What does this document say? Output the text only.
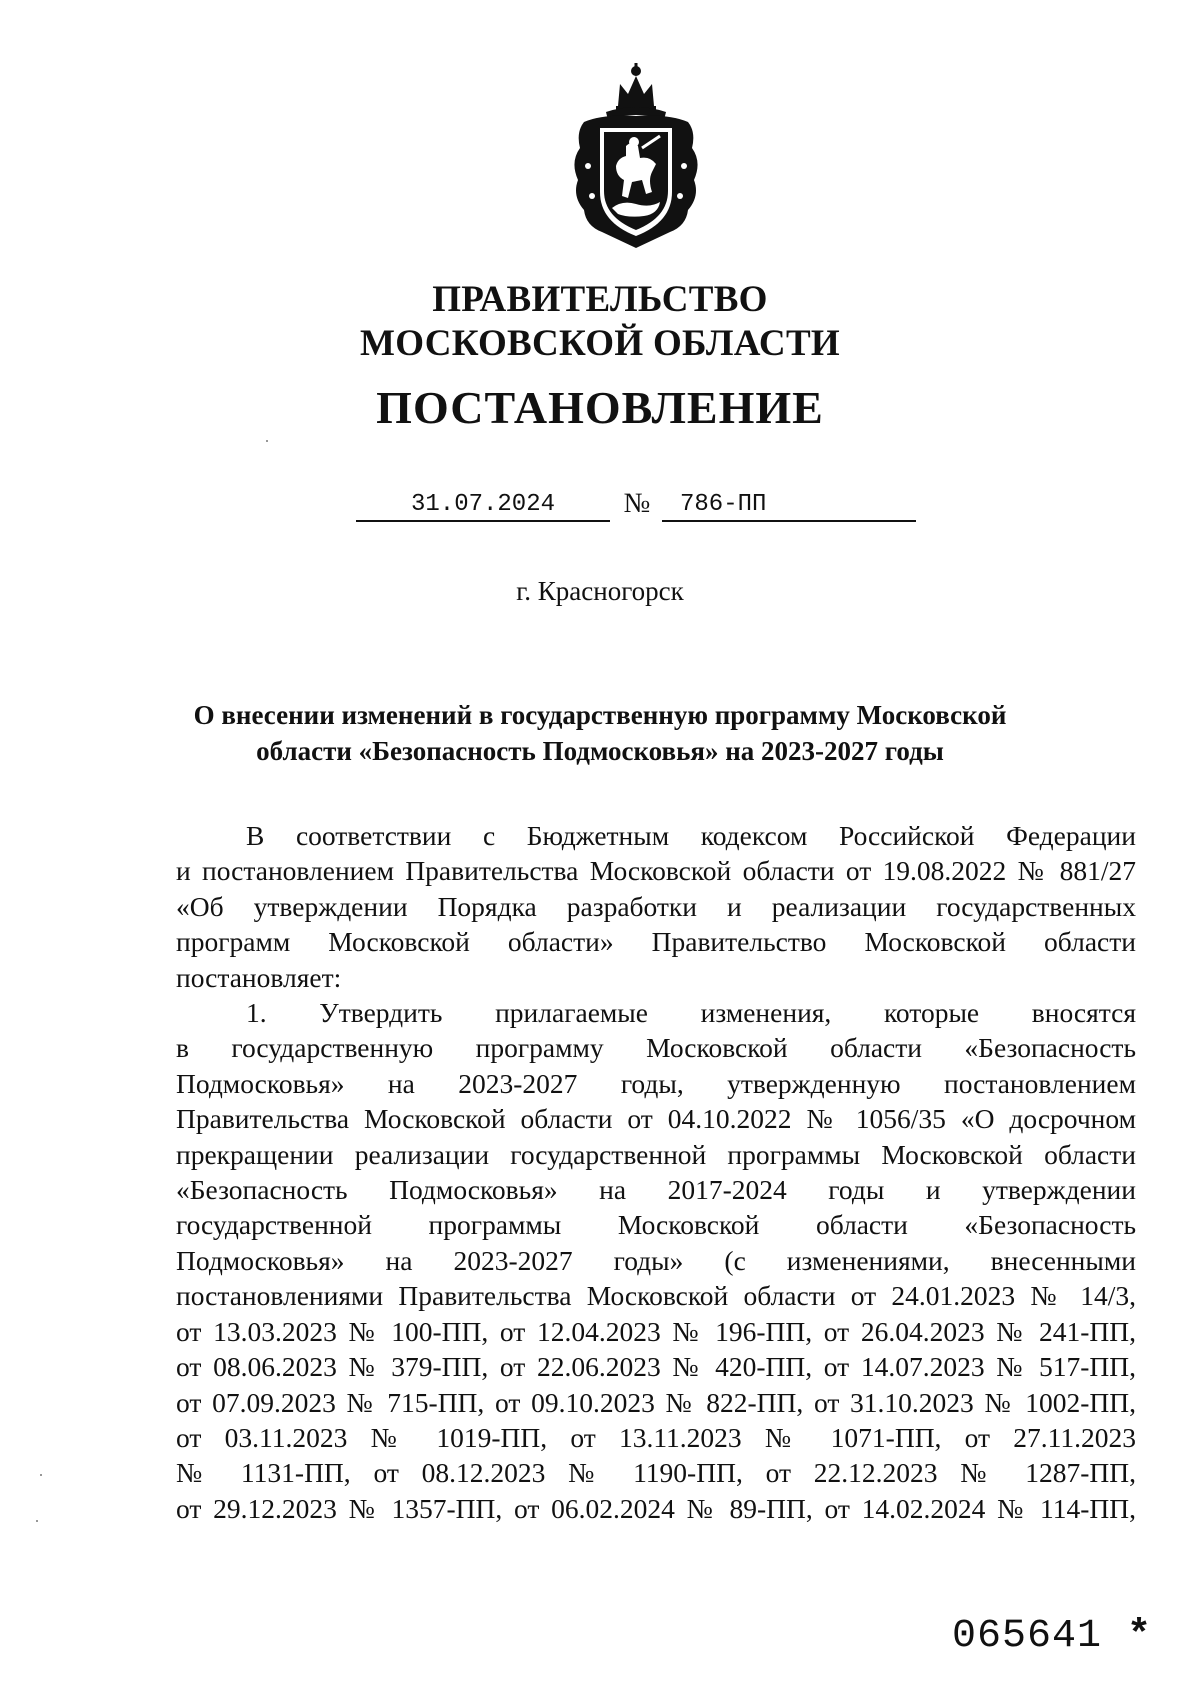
ПРАВИТЕЛЬСТВО
МОСКОВСКОЙ ОБЛАСТИ
ПОСТАНОВЛЕНИЕ
31.07.2024	№	786-ПП
г. Красногорск
О внесении изменений в государственную программу Московской
области «Безопасность Подмосковья» на 2023-2027 годы

В соответствии с Бюджетным кодексом Российской Федерации

и постановлением Правительства Московской области от 19.08.2022 № 881/27

«Об утверждении Порядка разработки и реализации государственных

программ Московской области» Правительство Московской области

постановляет:

1. Утвердить прилагаемые изменения, которые вносятся

в государственную программу Московской области «Безопасность

Подмосковья» на 2023-2027 годы, утвержденную постановлением

Правительства Московской области от 04.10.2022 № 1056/35 «О досрочном

прекращении реализации государственной программы Московской области

«Безопасность Подмосковья» на 2017-2024 годы и утверждении

государственной программы Московской области «Безопасность

Подмосковья» на 2023-2027 годы» (с изменениями, внесенными

постановлениями Правительства Московской области от 24.01.2023 № 14/3,

от 13.03.2023 № 100-ПП, от 12.04.2023 № 196-ПП, от 26.04.2023 № 241-ПП,

от 08.06.2023 № 379-ПП, от 22.06.2023 № 420-ПП, от 14.07.2023 № 517-ПП,

от 07.09.2023 № 715-ПП, от 09.10.2023 № 822-ПП, от 31.10.2023 № 1002-ПП,

от 03.11.2023 № 1019-ПП, от 13.11.2023 № 1071-ПП, от 27.11.2023

№ 1131-ПП, от 08.12.2023 № 1190-ПП, от 22.12.2023 № 1287-ПП,

от 29.12.2023 № 1357-ПП, от 06.02.2024 № 89-ПП, от 14.02.2024 № 114-ПП,

065641 *
